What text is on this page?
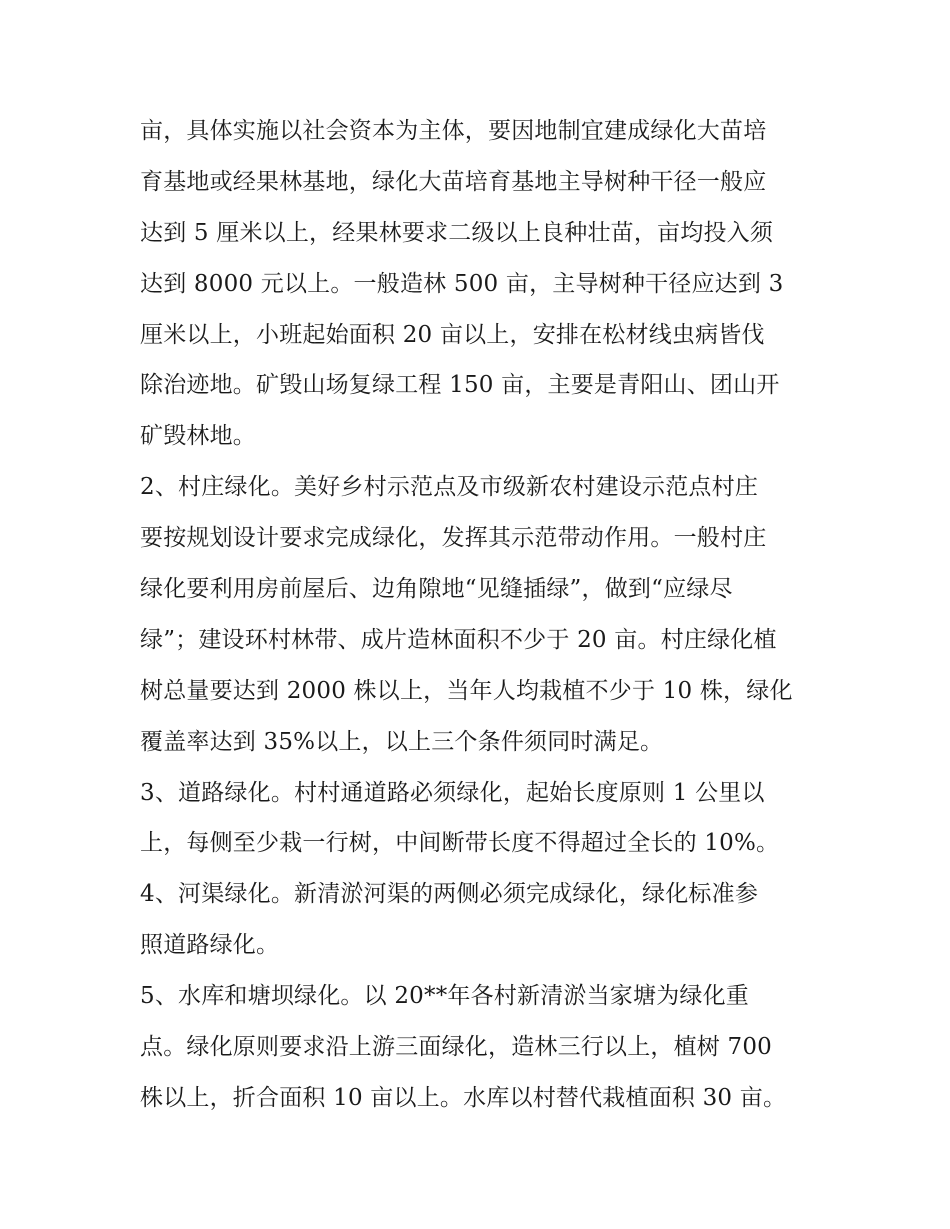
亩，具体实施以社会资本为主体，要因地制宜建成绿化大苗培
育基地或经果林基地，绿化大苗培育基地主导树种干径一般应
达到 5 厘米以上，经果林要求二级以上良种壮苗，亩均投入须
达到 8000 元以上。一般造林 500 亩，主导树种干径应达到 3
厘米以上，小班起始面积 20 亩以上，安排在松材线虫病皆伐
除治迹地。矿毁山场复绿工程 150 亩，主要是青阳山、团山开
矿毁林地。
2、村庄绿化。美好乡村示范点及市级新农村建设示范点村庄
要按规划设计要求完成绿化，发挥其示范带动作用。一般村庄
绿化要利用房前屋后、边角隙地“见缝插绿”，做到“应绿尽
绿”；建设环村林带、成片造林面积不少于 20 亩。村庄绿化植
树总量要达到 2000 株以上，当年人均栽植不少于 10 株，绿化
覆盖率达到 35%以上，以上三个条件须同时满足。
3、道路绿化。村村通道路必须绿化，起始长度原则 1 公里以
上，每侧至少栽一行树，中间断带长度不得超过全长的 10%。
4、河渠绿化。新清淤河渠的两侧必须完成绿化，绿化标准参
照道路绿化。
5、水库和塘坝绿化。以 20**年各村新清淤当家塘为绿化重
点。绿化原则要求沿上游三面绿化，造林三行以上，植树 700
株以上，折合面积 10 亩以上。水库以村替代栽植面积 30 亩。
